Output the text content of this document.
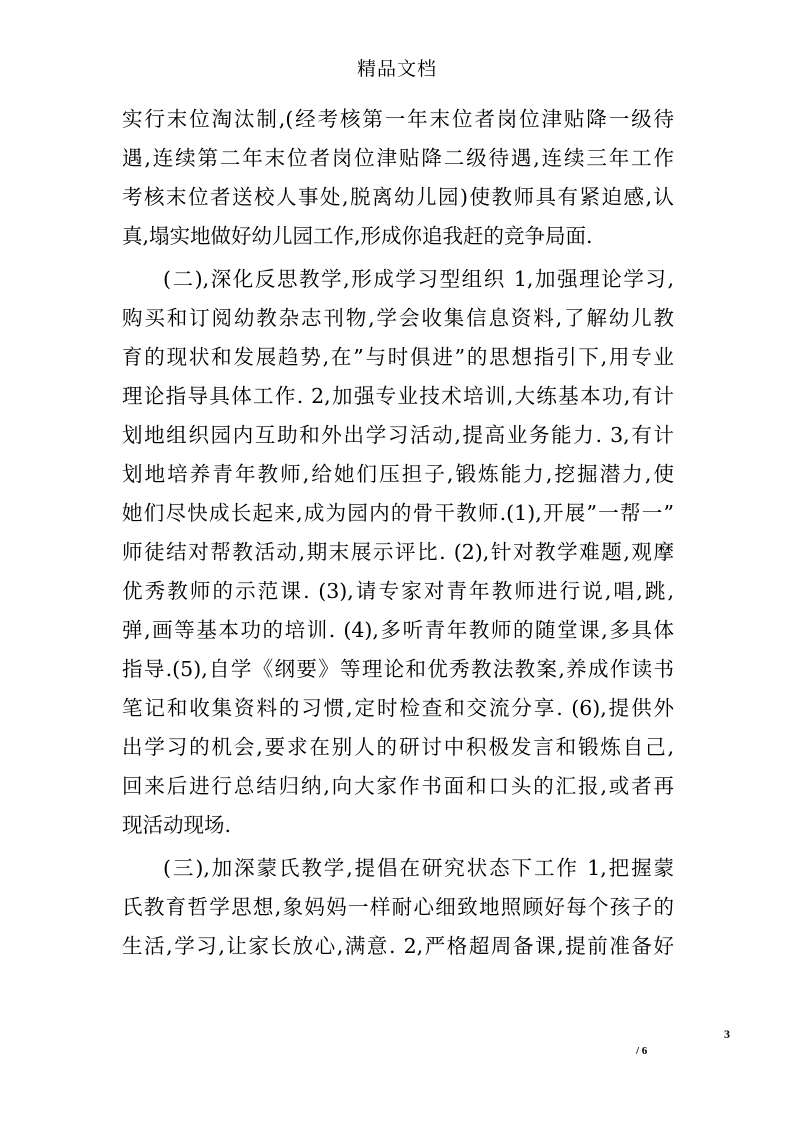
精品文档
实行末位淘汰制,(经考核第一年末位者岗位津贴降一级待
遇,连续第二年末位者岗位津贴降二级待遇,连续三年工作
考核末位者送校人事处,脱离幼儿园)使教师具有紧迫感,认
真,塌实地做好幼儿园工作,形成你追我赶的竞争局面.
(二),深化反思教学,形成学习型组织 1,加强理论学习,
购买和订阅幼教杂志刊物,学会收集信息资料,了解幼儿教
育的现状和发展趋势,在”与时俱进”的思想指引下,用专业
理论指导具体工作. 2,加强专业技术培训,大练基本功,有计
划地组织园内互助和外出学习活动,提高业务能力. 3,有计
划地培养青年教师,给她们压担子,锻炼能力,挖掘潜力,使
她们尽快成长起来,成为园内的骨干教师.(1),开展”一帮一”
师徒结对帮教活动,期末展示评比. (2),针对教学难题,观摩
优秀教师的示范课. (3),请专家对青年教师进行说,唱,跳,
弹,画等基本功的培训. (4),多听青年教师的随堂课,多具体
指导.(5),自学《纲要》等理论和优秀教法教案,养成作读书
笔记和收集资料的习惯,定时检查和交流分享. (6),提供外
出学习的机会,要求在别人的研讨中积极发言和锻炼自己,
回来后进行总结归纳,向大家作书面和口头的汇报,或者再
现活动现场.
(三),加深蒙氏教学,提倡在研究状态下工作 1,把握蒙
氏教育哲学思想,象妈妈一样耐心细致地照顾好每个孩子的
生活,学习,让家长放心,满意. 2,严格超周备课,提前准备好
3
/ 6
